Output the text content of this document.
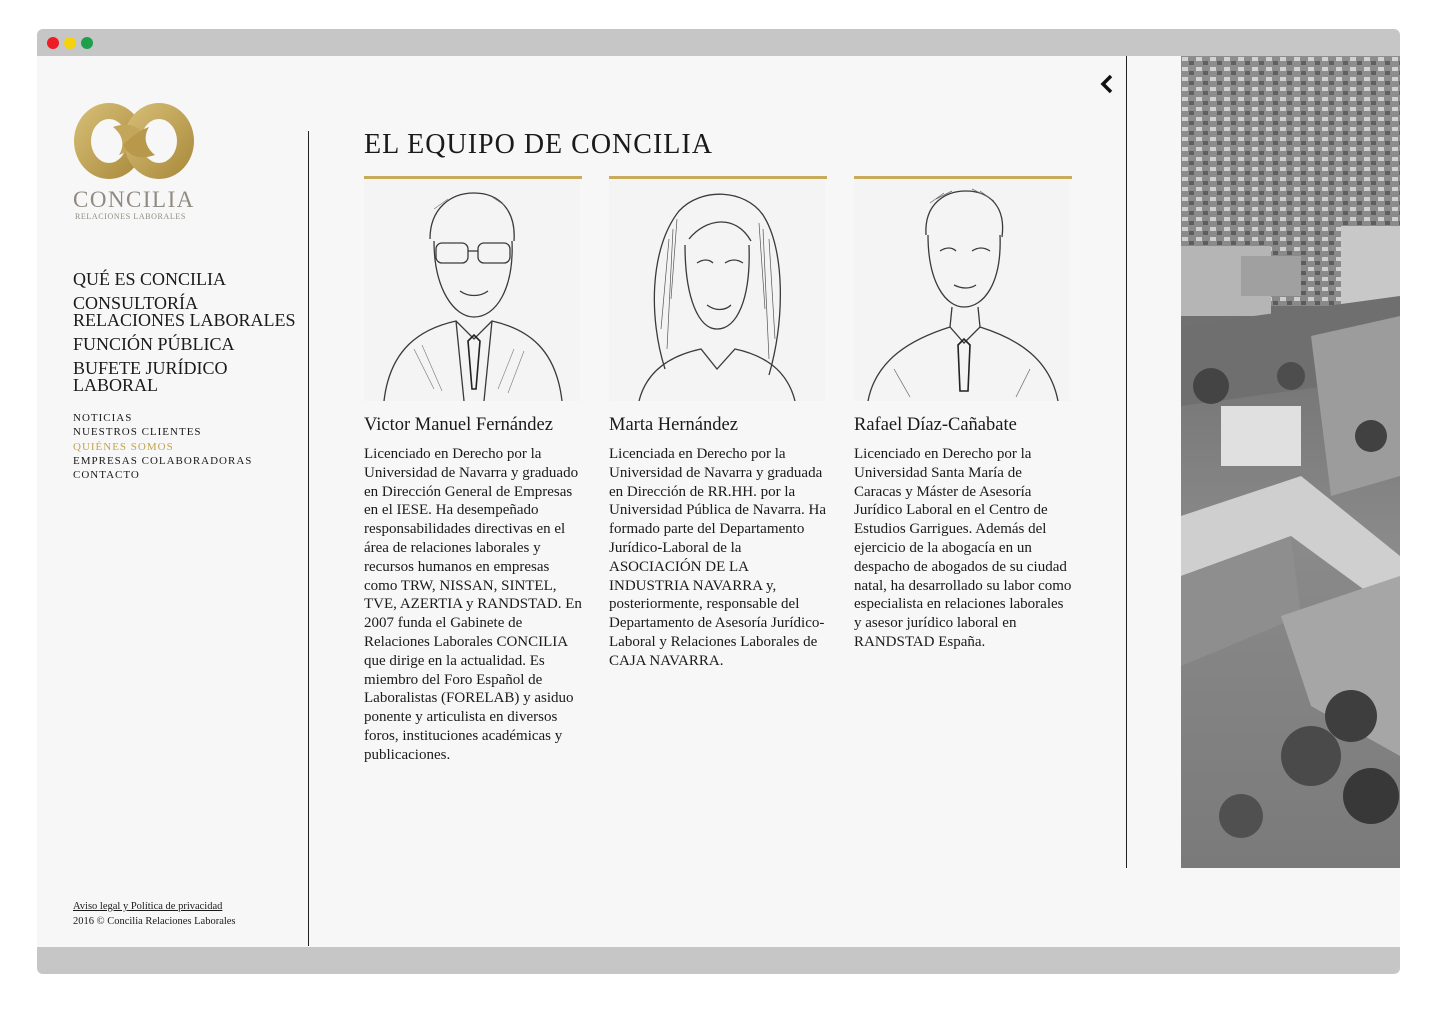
CONCILIA
RELACIONES LABORALES
QUÉ ES CONCILIA
CONSULTORÍA RELACIONES LABORALES
FUNCIÓN PÚBLICA
BUFETE JURÍDICO LABORAL
NOTICIAS
NUESTROS CLIENTES
QUIÉNES SOMOS
EMPRESAS COLABORADORAS
CONTACTO
Aviso legal y Política de privacidad
2016 © Concilia Relaciones Laborales
EL EQUIPO DE CONCILIA
Victor Manuel Fernández

Licenciado en Derecho por la Universidad de Navarra y graduado en Dirección General de Empresas en el IESE. Ha desempeñado responsabilidades directivas en el área de relaciones laborales y recursos humanos en empresas como TRW, NISSAN, SINTEL, TVE, AZERTIA y RANDSTAD. En 2007 funda el Gabinete de Relaciones Laborales CONCILIA que dirige en la actualidad. Es miembro del Foro Español de Laboralistas (FORELAB) y asiduo ponente y articulista en diversos foros, instituciones académicas y publicaciones.

Marta Hernández

Licenciada en Derecho por la Universidad de Navarra y graduada en Dirección de RR.HH. por la Universidad Pública de Navarra. Ha formado parte del Departamento Jurídico-Laboral de la ASOCIACIÓN DE LA INDUSTRIA NAVARRA y, posteriormente, responsable del Departamento de Asesoría Jurídico-Laboral y Relaciones Laborales de CAJA NAVARRA.

Rafael Díaz-Cañabate

Licenciado en Derecho por la Universidad Santa María de Caracas y Máster de Asesoría Jurídico Laboral en el Centro de Estudios Garrigues. Además del ejercicio de la abogacía en un despacho de abogados de su ciudad natal, ha desarrollado su labor como especialista en relaciones laborales y asesor jurídico laboral en RANDSTAD España.
